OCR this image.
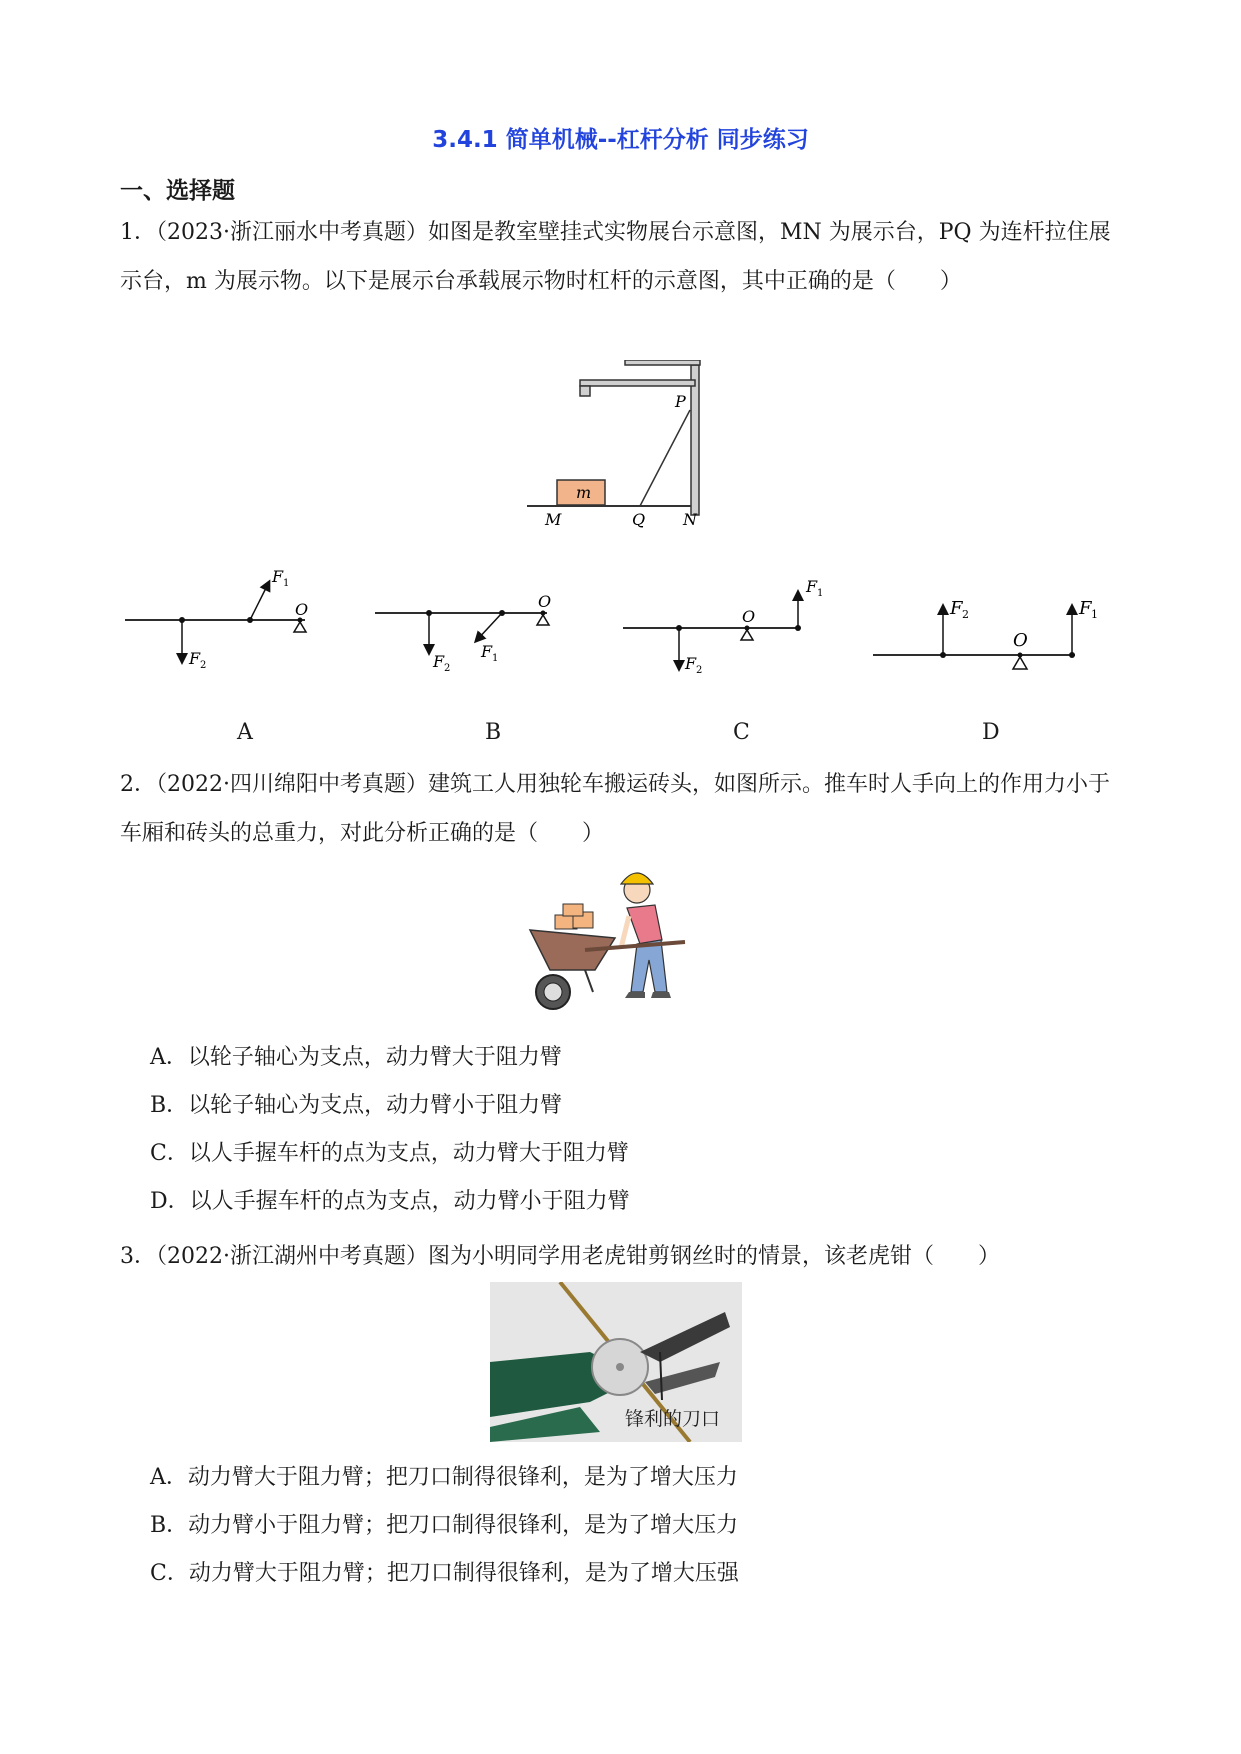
3.4.1 简单机械--杠杆分析 同步练习
一、选择题
1．（2023·浙江丽水中考真题）如图是教室壁挂式实物展台示意图，MN 为展示台，PQ 为连杆拉住展示台，m 为展示物。以下是展示台承载展示物时杠杆的示意图，其中正确的是（　　）
m
P
M	Q N
F 1
F 2
O
F 2
F 1
O
F 2
F 1
O	F 2	F 1
O
A	B	C	D
2．（2022·四川绵阳中考真题）建筑工人用独轮车搬运砖头，如图所示。推车时人手向上的作用力小于车厢和砖头的总重力，对此分析正确的是（　　）
A．以轮子轴心为支点，动力臂大于阻力臂
B．以轮子轴心为支点，动力臂小于阻力臂
C．以人手握车杆的点为支点，动力臂大于阻力臂
D．以人手握车杆的点为支点，动力臂小于阻力臂
3．（2022·浙江湖州中考真题）图为小明同学用老虎钳剪钢丝时的情景，该老虎钳（　　）
锋利的刀口
A．动力臂大于阻力臂；把刀口制得很锋利，是为了增大压力
B．动力臂小于阻力臂；把刀口制得很锋利，是为了增大压力
C．动力臂大于阻力臂；把刀口制得很锋利，是为了增大压强
